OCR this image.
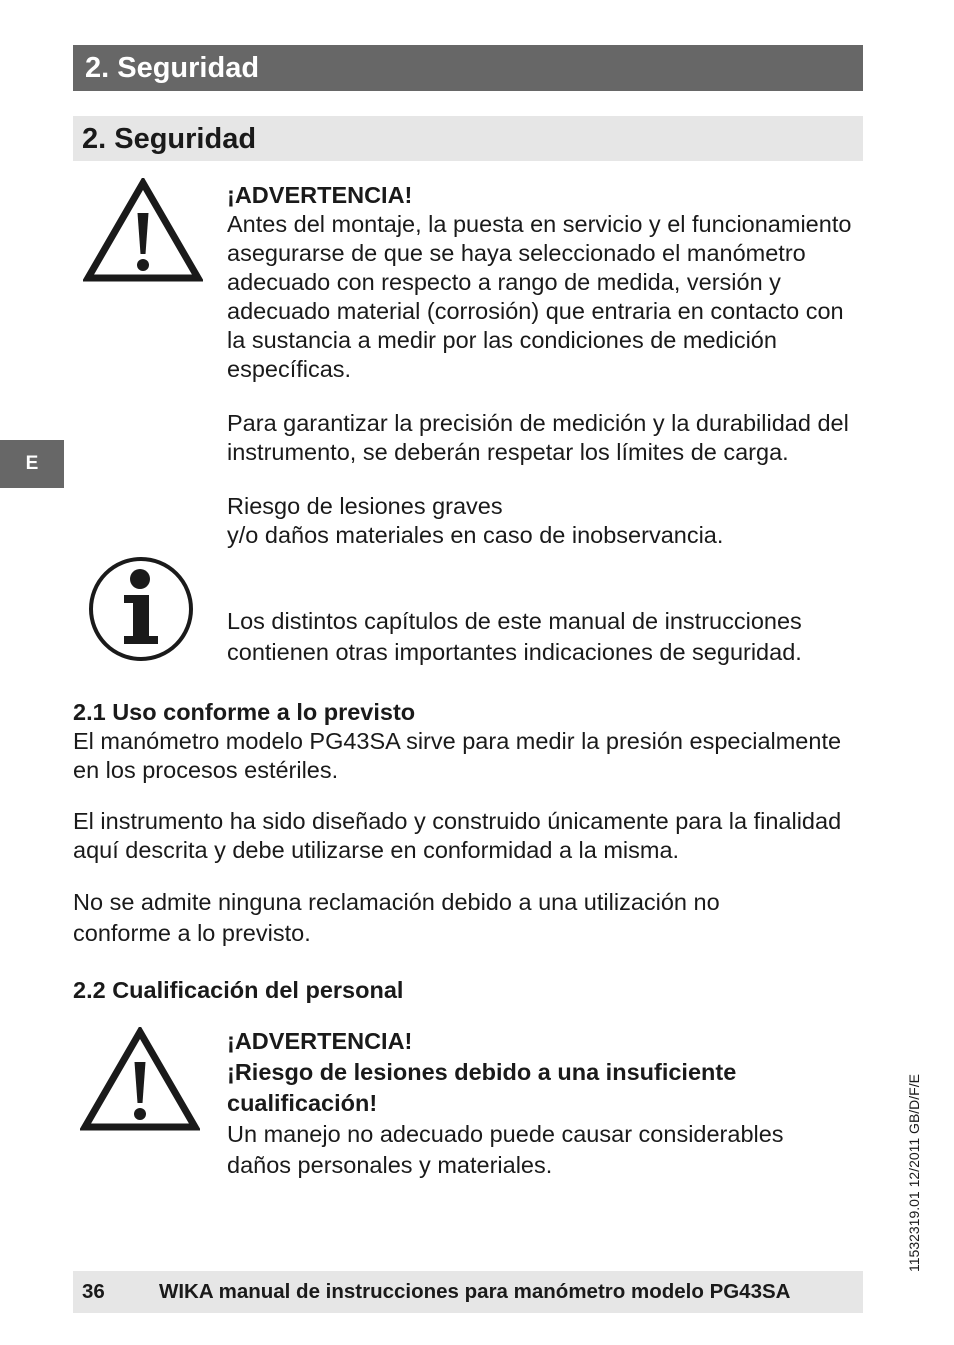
2. Seguridad
2. Seguridad
E

¡ADVERTENCIA!

Antes del montaje, la puesta en servicio y el funcionamiento asegurarse de que se haya seleccionado el manómetro adecuado con respecto a rango de medida, versión y adecuado material (corrosión) que entraria en contacto con la sustancia a medir por las condiciones de medición específicas.

Para garantizar la precisión de medición y la durabilidad del instrumento, se deberán respetar los límites de carga.

Riesgo de lesiones graves

y/o daños materiales en caso de inobservancia.

Los distintos capítulos de este manual de instrucciones contienen otras importantes indicaciones de seguridad.

2.1 Uso conforme a lo previsto

El manómetro modelo PG43SA sirve para medir la presión especialmente en los procesos estériles.

El instrumento ha sido diseñado y construido únicamente para la finalidad aquí descrita y debe utilizarse en conformidad a la misma.

No se admite ninguna reclamación debido a una utilización no conforme a lo previsto.

2.2 Cualificación del personal

¡ADVERTENCIA!

¡Riesgo de lesiones debido a una insuficiente cualificación!

Un manejo no adecuado puede causar considerables daños personales y materiales.	11532319.01 12/2011 GB/D/F/E
36	WIKA manual de instrucciones para manómetro modelo PG43SA
